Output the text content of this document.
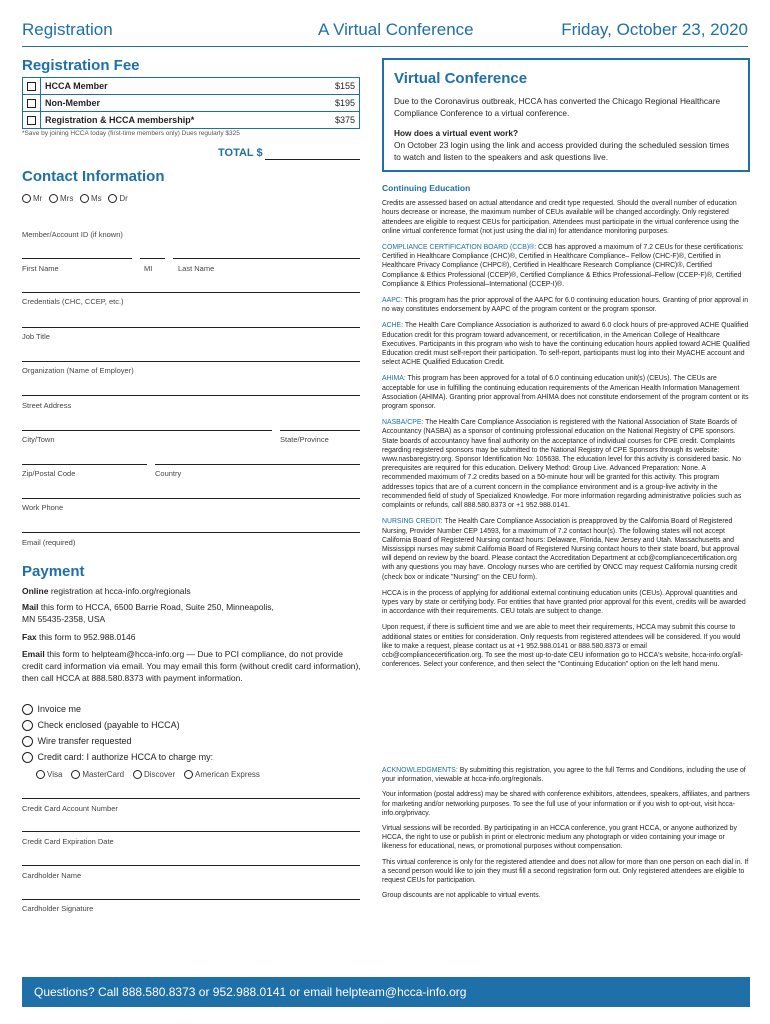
Registration	A Virtual Conference	Friday, October 23, 2020
Registration Fee
	HCCA Member	$155
	Non-Member	$195
	Registration & HCCA membership*	$375
*Save by joining HCCA today (first-time members only) Dues regularly $325
TOTAL $
Virtual Conference

Due to the Coronavirus outbreak, HCCA has converted the Chicago Regional Healthcare Compliance Conference to a virtual conference.

How does a virtual event work?

On October 23 login using the link and access provided during the scheduled session times to watch and listen to the speakers and ask questions live.

Contact Information
Mr Mrs Ms Dr
Member/Account ID (if known)
First Name	MI	Last Name
Credentials (CHC, CCEP, etc.)
Job Title
Organization (Name of Employer)
Street Address
City/Town	State/Province
Zip/Postal Code	Country
Work Phone
Email (required)
Payment
Online registration at hcca-info.org/regionals
Mail this form to HCCA, 6500 Barrie Road, Suite 250, Minneapolis, MN 55435-2358, USA
Fax this form to 952.988.0146
Email this form to helpteam@hcca-info.org — Due to PCI compliance, do not provide credit card information via email. You may email this form (without credit card information), then call HCCA at 888.580.8373 with payment information.
Invoice me
Check enclosed (payable to HCCA)
Wire transfer requested
Credit card: I authorize HCCA to charge my:
Visa MasterCard Discover American Express
Credit Card Account Number
Credit Card Expiration Date
Cardholder Name
Cardholder Signature
Continuing Education
Credits are assessed based on actual attendance and credit type requested. Should the overall number of education hours decrease or increase, the maximum number of CEUs available will be changed accordingly. Only registered attendees are eligible to request CEUs for participation. Attendees must participate in the virtual conference using the online virtual conference format (not just using the dial in) for attendance monitoring purposes.
COMPLIANCE CERTIFICATION BOARD (CCB)®: CCB has approved a maximum of 7.2 CEUs for these certifications: Certified in Healthcare Compliance (CHC)®, Certified in Healthcare Compliance– Fellow (CHC-F)®, Certified in Healthcare Privacy Compliance (CHPC®), Certified in Healthcare Research Compliance (CHRC)®, Certified Compliance & Ethics Professional (CCEP)®, Certified Compliance & Ethics Professional–Fellow (CCEP-F)®, Certified Compliance & Ethics Professional–International (CCEP-I)®.
AAPC: This program has the prior approval of the AAPC for 6.0 continuing education hours. Granting of prior approval in no way constitutes endorsement by AAPC of the program content or the program sponsor.
ACHE: The Health Care Compliance Association is authorized to award 6.0 clock hours of pre-approved ACHE Qualified Education credit for this program toward advancement, or recertification, in the American College of Healthcare Executives. Participants in this program who wish to have the continuing education hours applied toward ACHE Qualified Education credit must self-report their participation. To self-report, participants must log into their MyACHE account and select ACHE Qualified Education Credit.
AHIMA: This program has been approved for a total of 6.0 continuing education unit(s) (CEUs). The CEUs are acceptable for use in fulfilling the continuing education requirements of the American Health Information Management Association (AHIMA). Granting prior approval from AHIMA does not constitute endorsement of the program content or its program sponsor.
NASBA/CPE: The Health Care Compliance Association is registered with the National Association of State Boards of Accountancy (NASBA) as a sponsor of continuing professional education on the National Registry of CPE sponsors. State boards of accountancy have final authority on the acceptance of individual courses for CPE credit. Complaints regarding registered sponsors may be submitted to the National Registry of CPE Sponsors through its website: www.nasbaregistry.org. Sponsor Identification No: 105638. The education level for this activity is considered basic. No prerequisites are required for this education. Delivery Method: Group Live. Advanced Preparation: None. A recommended maximum of 7.2 credits based on a 50-minute hour will be granted for this activity. This program addresses topics that are of a current concern in the compliance environment and is a group-live activity in the recommended field of study of Specialized Knowledge. For more information regarding administrative policies such as complaints or refunds, call 888.580.8373 or +1 952.988.0141.
NURSING CREDIT: The Health Care Compliance Association is preapproved by the California Board of Registered Nursing, Provider Number CEP 14593, for a maximum of 7.2 contact hour(s). The following states will not accept California Board of Registered Nursing contact hours: Delaware, Florida, New Jersey and Utah. Massachusetts and Mississippi nurses may submit California Board of Registered Nursing contact hours to their state board, but approval will depend on review by the board. Please contact the Accreditation Department at ccb@compliancecertification.org with any questions you may have. Oncology nurses who are certified by ONCC may request California nursing credit (check box or indicate "Nursing" on the CEU form).
HCCA is in the process of applying for additional external continuing education units (CEUs). Approval quantities and types vary by state or certifying body. For entities that have granted prior approval for this event, credits will be awarded in accordance with their requirements. CEU totals are subject to change.
Upon request, if there is sufficient time and we are able to meet their requirements, HCCA may submit this course to additional states or entities for consideration. Only requests from registered attendees will be considered. If you would like to make a request, please contact us at +1 952.988.0141 or 888.580.8373 or email ccb@compliancecertification.org. To see the most up-to-date CEU information go to HCCA's website, hcca-info.org/all-conferences. Select your conference, and then select the "Continuing Education" option on the left hand menu.
ACKNOWLEDGMENTS: By submitting this registration, you agree to the full Terms and Conditions, including the use of your information, viewable at hcca-info.org/regionals.
Your information (postal address) may be shared with conference exhibitors, attendees, speakers, affiliates, and partners for marketing and/or networking purposes. To see the full use of your information or if you wish to opt-out, visit hcca-info.org/privacy.
Virtual sessions will be recorded. By participating in an HCCA conference, you grant HCCA, or anyone authorized by HCCA, the right to use or publish in print or electronic medium any photograph or video containing your image or likeness for educational, news, or promotional purposes without compensation.
This virtual conference is only for the registered attendee and does not allow for more than one person on each dial in. If a second person would like to join they must fill a second registration form out. Only registered attendees are eligible to request CEUs for participation.
Group discounts are not applicable to virtual events.
Questions? Call 888.580.8373 or 952.988.0141 or email helpteam@hcca-info.org
